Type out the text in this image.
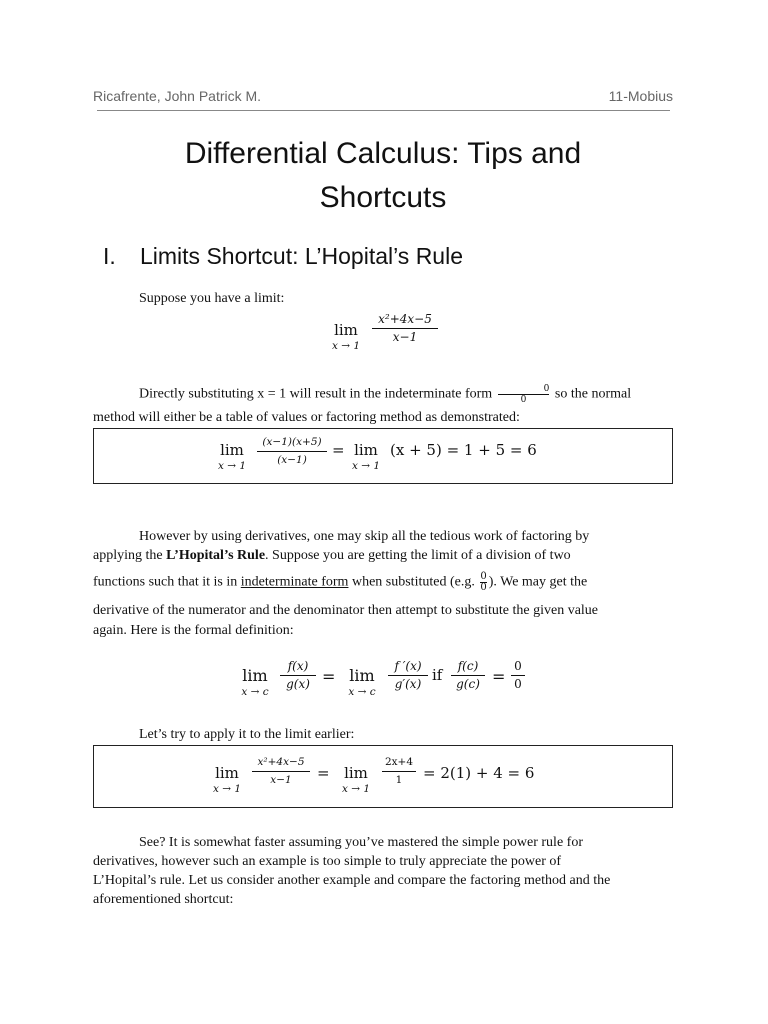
Ricafrente, John Patrick M.	11-Mobius
Differential Calculus: Tips and
Shortcuts
I. Limits Shortcut: L’Hopital’s Rule
Suppose you have a limit:
lim
x → 1
x²+4x−5
x−1
Directly substituting x = 1 will result in the indeterminate form	0
0 so the normal
method will either be a table of values or factoring method as demonstrated:
lim
x → 1
(x−1)(x+5)
(x−1)
= lim
x → 1
(x + 5) = 1 + 5 = 6
However by using derivatives, one may skip all the tedious work of factoring by
applying the L’Hopital’s Rule. Suppose you are getting the limit of a division of two
functions such that it is in indeterminate form when substituted (e.g. $\frac{0}{0}$ ). We may get the
derivative of the numerator and the denominator then attempt to substitute the given value
again. Here is the formal definition:
lim
x → c
f(x)
g(x) = lim
x → c
f ′(x)
g′(x) if	f(c)
g(c) =
0
0
Let’s try to apply it to the limit earlier:
lim
x → 1
x²+4x−5
x−1	= lim
x → 1
2x+4
1	= 2(1) + 4 = 6
See? It is somewhat faster assuming you’ve mastered the simple power rule for
derivatives, however such an example is too simple to truly appreciate the power of
L’Hopital’s rule. Let us consider another example and compare the factoring method and the
aforementioned shortcut:
